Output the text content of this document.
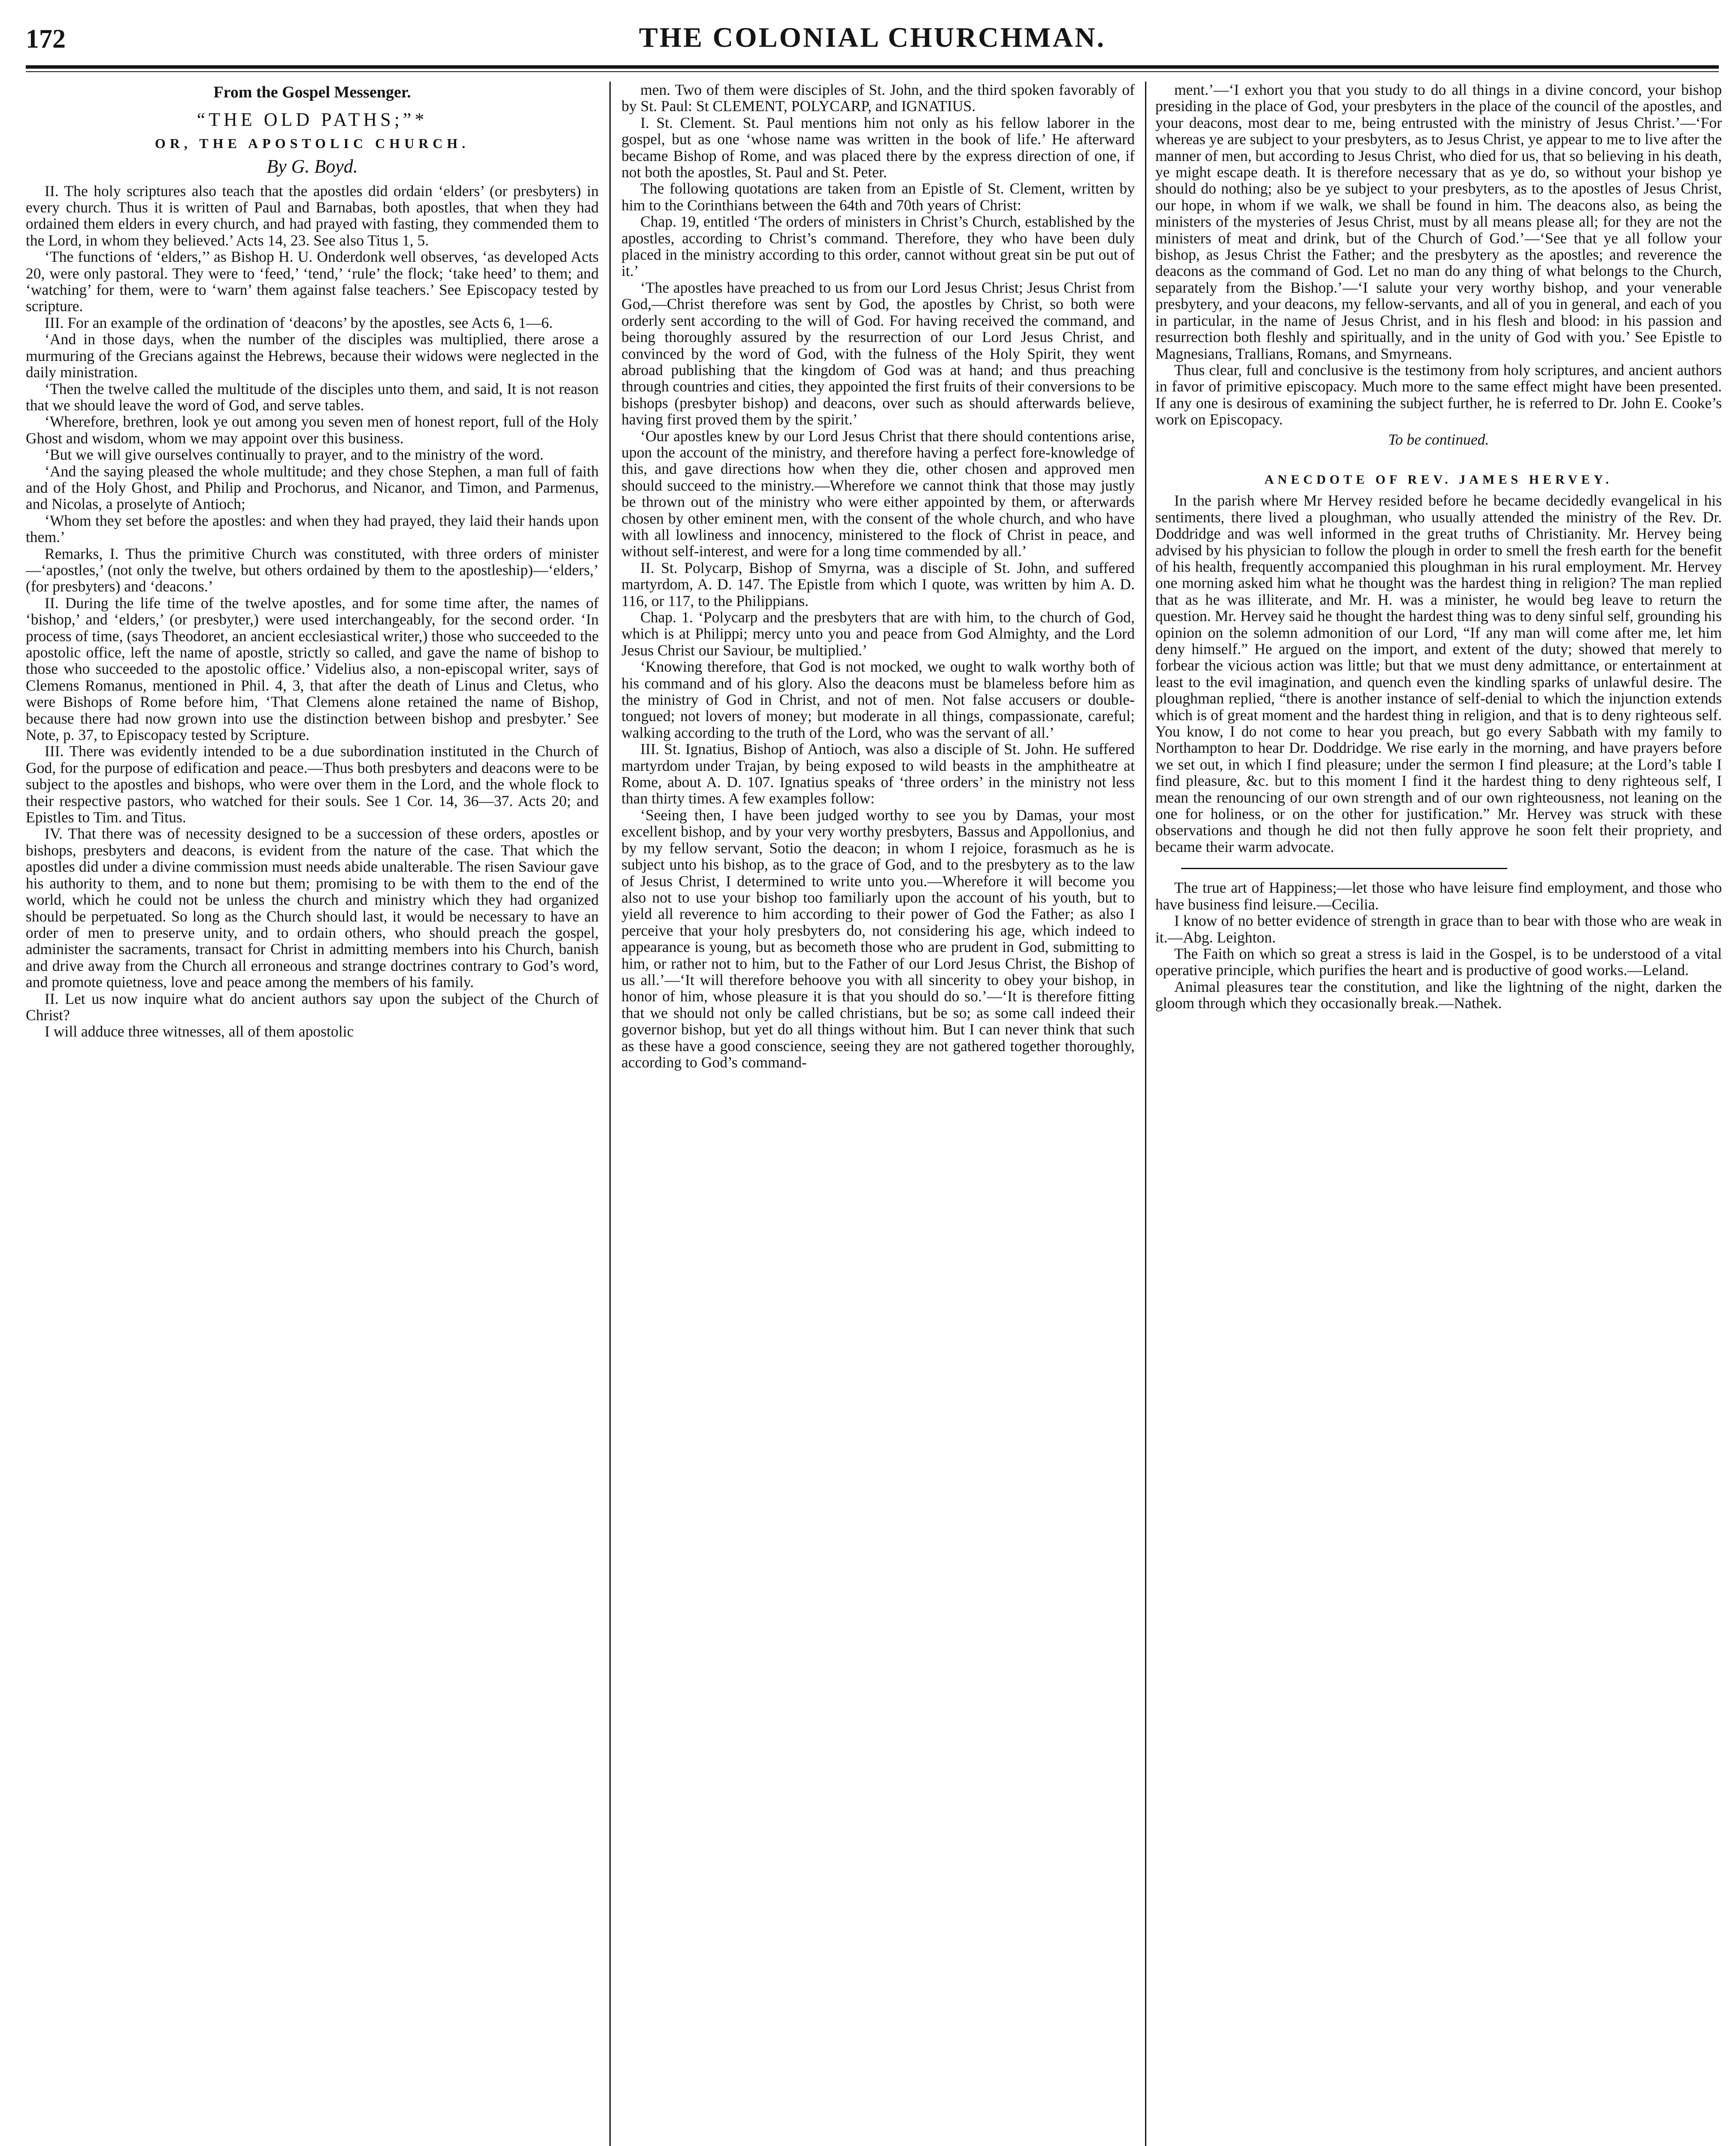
172	THE COLONIAL CHURCHMAN.

From the Gospel Messenger.

“THE OLD PATHS;”*

OR, THE APOSTOLIC CHURCH.

By G. Boyd.

II. The holy scriptures also teach that the apostles did ordain ‘elders’ (or presbyters) in every church. Thus it is written of Paul and Barnabas, both apostles, that when they had ordained them elders in every church, and had prayed with fasting, they commended them to the Lord, in whom they believed.’ Acts 14, 23. See also Titus 1, 5.

‘The functions of ‘elders,’’ as Bishop H. U. Onderdonk well observes, ‘as developed Acts 20, were only pastoral. They were to ‘feed,’ ‘tend,’ ‘rule’ the flock; ‘take heed’ to them; and ‘watching’ for them, were to ‘warn’ them against false teachers.’ See Episcopacy tested by scripture.

III. For an example of the ordination of ‘deacons’ by the apostles, see Acts 6, 1—6.

‘And in those days, when the number of the disciples was multiplied, there arose a murmuring of the Grecians against the Hebrews, because their widows were neglected in the daily ministration.

‘Then the twelve called the multitude of the disciples unto them, and said, It is not reason that we should leave the word of God, and serve tables.

‘Wherefore, brethren, look ye out among you seven men of honest report, full of the Holy Ghost and wisdom, whom we may appoint over this business.

‘But we will give ourselves continually to prayer, and to the ministry of the word.

‘And the saying pleased the whole multitude; and they chose Stephen, a man full of faith and of the Holy Ghost, and Philip and Prochorus, and Nicanor, and Timon, and Parmenus, and Nicolas, a proselyte of Antioch;

‘Whom they set before the apostles: and when they had prayed, they laid their hands upon them.’

Remarks, I. Thus the primitive Church was constituted, with three orders of minister—‘apostles,’ (not only the twelve, but others ordained by them to the apostleship)—‘elders,’ (for presbyters) and ‘deacons.’

II. During the life time of the twelve apostles, and for some time after, the names of ‘bishop,’ and ‘elders,’ (or presbyter,) were used interchangeably, for the second order. ‘In process of time, (says Theodoret, an ancient ecclesiastical writer,) those who succeeded to the apostolic office, left the name of apostle, strictly so called, and gave the name of bishop to those who succeeded to the apostolic office.’ Videlius also, a non-episcopal writer, says of Clemens Romanus, mentioned in Phil. 4, 3, that after the death of Linus and Cletus, who were Bishops of Rome before him, ‘That Clemens alone retained the name of Bishop, because there had now grown into use the distinction between bishop and presbyter.’ See Note, p. 37, to Episcopacy tested by Scripture.

III. There was evidently intended to be a due subordination instituted in the Church of God, for the purpose of edification and peace.—Thus both presbyters and deacons were to be subject to the apostles and bishops, who were over them in the Lord, and the whole flock to their respective pastors, who watched for their souls. See 1 Cor. 14, 36—37. Acts 20; and Epistles to Tim. and Titus.

IV. That there was of necessity designed to be a succession of these orders, apostles or bishops, presbyters and deacons, is evident from the nature of the case. That which the apostles did under a divine commission must needs abide unalterable. The risen Saviour gave his authority to them, and to none but them; promising to be with them to the end of the world, which he could not be unless the church and ministry which they had organized should be perpetuated. So long as the Church should last, it would be necessary to have an order of men to preserve unity, and to ordain others, who should preach the gospel, administer the sacraments, transact for Christ in admitting members into his Church, banish and drive away from the Church all erroneous and strange doctrines contrary to God’s word, and promote quietness, love and peace among the members of his family.

II. Let us now inquire what do ancient authors say upon the subject of the Church of Christ?

I will adduce three witnesses, all of them apostolic

men. Two of them were disciples of St. John, and the third spoken favorably of by St. Paul: St CLEMENT, POLYCARP, and IGNATIUS.

I. St. Clement. St. Paul mentions him not only as his fellow laborer in the gospel, but as one ‘whose name was written in the book of life.’ He afterward became Bishop of Rome, and was placed there by the express direction of one, if not both the apostles, St. Paul and St. Peter.

The following quotations are taken from an Epistle of St. Clement, written by him to the Corinthians between the 64th and 70th years of Christ:

Chap. 19, entitled ‘The orders of ministers in Christ’s Church, established by the apostles, according to Christ’s command. Therefore, they who have been duly placed in the ministry according to this order, cannot without great sin be put out of it.’

‘The apostles have preached to us from our Lord Jesus Christ; Jesus Christ from God,—Christ therefore was sent by God, the apostles by Christ, so both were orderly sent according to the will of God. For having received the command, and being thoroughly assured by the resurrection of our Lord Jesus Christ, and convinced by the word of God, with the fulness of the Holy Spirit, they went abroad publishing that the kingdom of God was at hand; and thus preaching through countries and cities, they appointed the first fruits of their conversions to be bishops (presbyter bishop) and deacons, over such as should afterwards believe, having first proved them by the spirit.’

‘Our apostles knew by our Lord Jesus Christ that there should contentions arise, upon the account of the ministry, and therefore having a perfect fore-knowledge of this, and gave directions how when they die, other chosen and approved men should succeed to the ministry.—Wherefore we cannot think that those may justly be thrown out of the ministry who were either appointed by them, or afterwards chosen by other eminent men, with the consent of the whole church, and who have with all lowliness and innocency, ministered to the flock of Christ in peace, and without self-interest, and were for a long time commended by all.’

II. St. Polycarp, Bishop of Smyrna, was a disciple of St. John, and suffered martyrdom, A. D. 147. The Epistle from which I quote, was written by him A. D. 116, or 117, to the Philippians.

Chap. 1. ‘Polycarp and the presbyters that are with him, to the church of God, which is at Philippi; mercy unto you and peace from God Almighty, and the Lord Jesus Christ our Saviour, be multiplied.’

‘Knowing therefore, that God is not mocked, we ought to walk worthy both of his command and of his glory. Also the deacons must be blameless before him as the ministry of God in Christ, and not of men. Not false accusers or double-tongued; not lovers of money; but moderate in all things, compassionate, careful; walking according to the truth of the Lord, who was the servant of all.’

III. St. Ignatius, Bishop of Antioch, was also a disciple of St. John. He suffered martyrdom under Trajan, by being exposed to wild beasts in the amphitheatre at Rome, about A. D. 107. Ignatius speaks of ‘three orders’ in the ministry not less than thirty times. A few examples follow:

‘Seeing then, I have been judged worthy to see you by Damas, your most excellent bishop, and by your very worthy presbyters, Bassus and Appollonius, and by my fellow servant, Sotio the deacon; in whom I rejoice, forasmuch as he is subject unto his bishop, as to the grace of God, and to the presbytery as to the law of Jesus Christ, I determined to write unto you.—Wherefore it will become you also not to use your bishop too familiarly upon the account of his youth, but to yield all reverence to him according to their power of God the Father; as also I perceive that your holy presbyters do, not considering his age, which indeed to appearance is young, but as becometh those who are prudent in God, submitting to him, or rather not to him, but to the Father of our Lord Jesus Christ, the Bishop of us all.’—‘It will therefore behoove you with all sincerity to obey your bishop, in honor of him, whose pleasure it is that you should do so.’—‘It is therefore fitting that we should not only be called christians, but be so; as some call indeed their governor bishop, but yet do all things without him. But I can never think that such as these have a good conscience, seeing they are not gathered together thoroughly, according to God’s command-

ment.’—‘I exhort you that you study to do all things in a divine concord, your bishop presiding in the place of God, your presbyters in the place of the council of the apostles, and your deacons, most dear to me, being entrusted with the ministry of Jesus Christ.’—‘For whereas ye are subject to your presbyters, as to Jesus Christ, ye appear to me to live after the manner of men, but according to Jesus Christ, who died for us, that so believing in his death, ye might escape death. It is therefore necessary that as ye do, so without your bishop ye should do nothing; also be ye subject to your presbyters, as to the apostles of Jesus Christ, our hope, in whom if we walk, we shall be found in him. The deacons also, as being the ministers of the mysteries of Jesus Christ, must by all means please all; for they are not the ministers of meat and drink, but of the Church of God.’—‘See that ye all follow your bishop, as Jesus Christ the Father; and the presbytery as the apostles; and reverence the deacons as the command of God. Let no man do any thing of what belongs to the Church, separately from the Bishop.’—‘I salute your very worthy bishop, and your venerable presbytery, and your deacons, my fellow-servants, and all of you in general, and each of you in particular, in the name of Jesus Christ, and in his flesh and blood: in his passion and resurrection both fleshly and spiritually, and in the unity of God with you.’ See Epistle to Magnesians, Trallians, Romans, and Smyrneans.

Thus clear, full and conclusive is the testimony from holy scriptures, and ancient authors in favor of primitive episcopacy. Much more to the same effect might have been presented. If any one is desirous of examining the subject further, he is referred to Dr. John E. Cooke’s work on Episcopacy.

To be continued.

ANECDOTE OF REV. JAMES HERVEY.

In the parish where Mr Hervey resided before he became decidedly evangelical in his sentiments, there lived a ploughman, who usually attended the ministry of the Rev. Dr. Doddridge and was well informed in the great truths of Christianity. Mr. Hervey being advised by his physician to follow the plough in order to smell the fresh earth for the benefit of his health, frequently accompanied this ploughman in his rural employment. Mr. Hervey one morning asked him what he thought was the hardest thing in religion? The man replied that as he was illiterate, and Mr. H. was a minister, he would beg leave to return the question. Mr. Hervey said he thought the hardest thing was to deny sinful self, grounding his opinion on the solemn admonition of our Lord, “If any man will come after me, let him deny himself.” He argued on the import, and extent of the duty; showed that merely to forbear the vicious action was little; but that we must deny admittance, or entertainment at least to the evil imagination, and quench even the kindling sparks of unlawful desire. The ploughman replied, “there is another instance of self-denial to which the injunction extends which is of great moment and the hardest thing in religion, and that is to deny righteous self. You know, I do not come to hear you preach, but go every Sabbath with my family to Northampton to hear Dr. Doddridge. We rise early in the morning, and have prayers before we set out, in which I find pleasure; under the sermon I find pleasure; at the Lord’s table I find pleasure, &c. but to this moment I find it the hardest thing to deny righteous self, I mean the renouncing of our own strength and of our own righteousness, not leaning on the one for holiness, or on the other for justification.” Mr. Hervey was struck with these observations and though he did not then fully approve he soon felt their propriety, and became their warm advocate.

The true art of Happiness;—let those who have leisure find employment, and those who have business find leisure.—Cecilia.

I know of no better evidence of strength in grace than to bear with those who are weak in it.—Abg. Leighton.

The Faith on which so great a stress is laid in the Gospel, is to be understood of a vital operative principle, which purifies the heart and is productive of good works.—Leland.

Animal pleasures tear the constitution, and like the lightning of the night, darken the gloom through which they occasionally break.—Nathek.
